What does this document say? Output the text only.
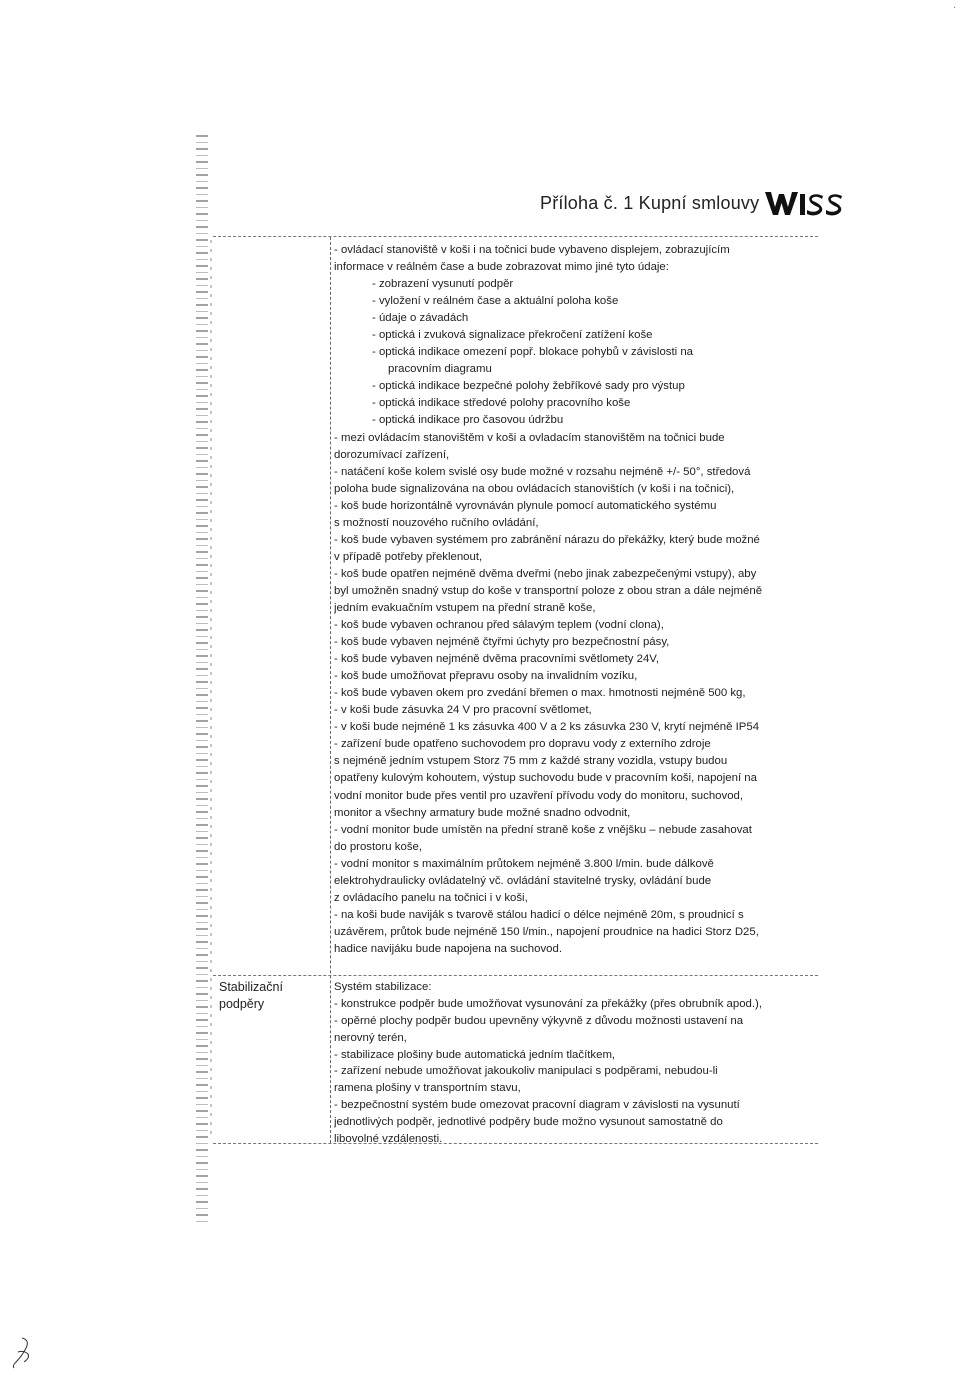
·
Příloha č. 1 Kupní smlouvy
- ovládací stanoviště v koši i na točnici bude vybaveno displejem, zobrazujícím
informace v reálném čase a bude zobrazovat mimo jiné tyto údaje:
- zobrazení vysunutí podpěr
- vyložení v reálném čase a aktuální poloha koše
- údaje o závadách
- optická i zvuková signalizace překročení zatížení koše
- optická indikace omezení popř. blokace pohybů v závislosti na
pracovním diagramu
- optická indikace bezpečné polohy žebříkové sady pro výstup
- optická indikace středové polohy pracovního koše
- optická indikace pro časovou údržbu
- mezi ovládacím stanovištěm v koši a ovladacím stanovištěm na točnici bude
dorozumívací zařízení,
- natáčení koše kolem svislé osy bude možné v rozsahu nejméně +/- 50°, středová
poloha bude signalizována na obou ovládacích stanovištích (v koši i na točnici),
- koš bude horizontálně vyrovnáván plynule pomocí automatického systému
s možností nouzového ručního ovládání,
- koš bude vybaven systémem pro zabránění nárazu do překážky, který bude možné
v případě potřeby překlenout,
- koš bude opatřen nejméně dvěma dveřmi (nebo jinak zabezpečenými vstupy), aby
byl umožněn snadný vstup do koše v transportní poloze z obou stran a dále nejméně
jedním evakuačním vstupem na přední straně koše,
- koš bude vybaven ochranou před sálavým teplem (vodní clona),
- koš bude vybaven nejméně čtyřmi úchyty pro bezpečnostní pásy,
- koš bude vybaven nejméně dvěma pracovními světlomety 24V,
- koš bude umožňovat přepravu osoby na invalidním vozíku,
- koš bude vybaven okem pro zvedání břemen o max. hmotnosti nejméně 500 kg,
- v koši bude zásuvka 24 V pro pracovní světlomet,
- v koši bude nejméně 1 ks zásuvka 400 V a 2 ks zásuvka 230 V, krytí nejméně IP54
- zařízení bude opatřeno suchovodem pro dopravu vody z externího zdroje
s nejméně jedním vstupem Storz 75 mm z každé strany vozidla, vstupy budou
opatřeny kulovým kohoutem, výstup suchovodu bude v pracovním koši, napojení na
vodní monitor bude přes ventil pro uzavření přívodu vody do monitoru, suchovod,
monitor a všechny armatury bude možné snadno odvodnit,
- vodní monitor bude umístěn na přední straně koše z vnějšku – nebude zasahovat
do prostoru koše,
- vodní monitor s maximálním průtokem nejméně 3.800 l/min. bude dálkově
elektrohydraulicky ovládatelný vč. ovládání stavitelné trysky, ovládání bude
z ovládacího panelu na točnici i v koši,
- na koši bude naviják s tvarově stálou hadicí o délce nejméně 20m, s proudnicí s
uzávěrem, průtok bude nejméně 150 l/min., napojení proudnice na hadici Storz D25,
hadice navijáku bude napojena na suchovod.
Stabilizační
podpěry
Systém stabilizace:
- konstrukce podpěr bude umožňovat vysunování za překážky (přes obrubník apod.),
- opěrné plochy podpěr budou upevněny výkyvně z důvodu možnosti ustavení na
nerovný terén,
- stabilizace plošiny bude automatická jedním tlačítkem,
- zařízení nebude umožňovat jakoukoliv manipulaci s podpěrami, nebudou-li
ramena plošiny v transportním stavu,
- bezpečnostní systém bude omezovat pracovní diagram v závislosti na vysunutí
jednotlivých podpěr, jednotlivé podpěry bude možno vysunout samostatně do
libovolné vzdálenosti.
